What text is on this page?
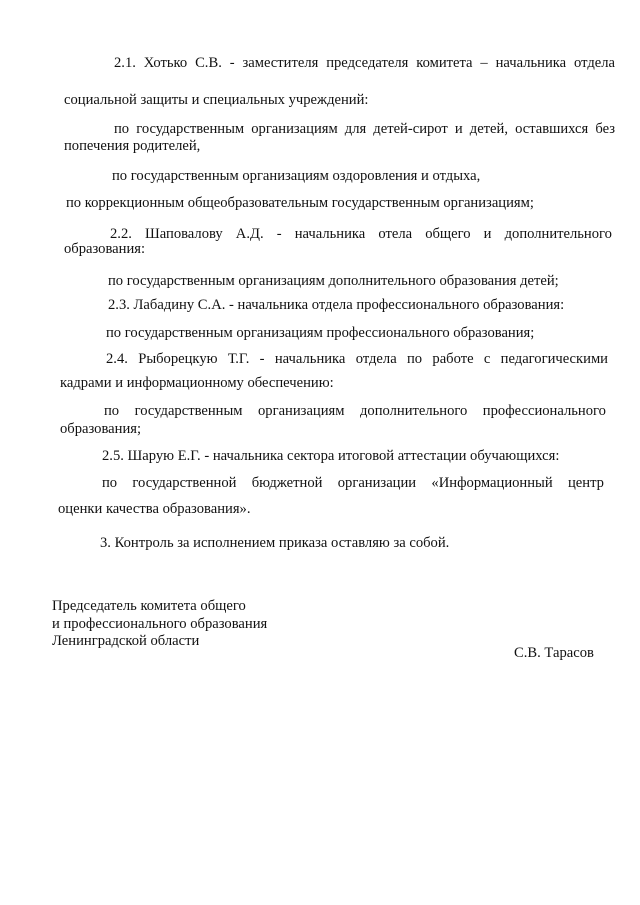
2.1. Хотько С.В. - заместителя председателя комитета – начальника отдела

социальной защиты и специальных учреждений:

по государственным организациям для детей-сирот и детей, оставшихся без

попечения родителей,

по государственным организациям оздоровления и отдыха,

по коррекционным общеобразовательным государственным организациям;

2.2. Шаповалову А.Д. - начальника отела общего и дополнительного

образования:

по государственным организациям дополнительного образования детей;

2.3. Лабадину С.А. - начальника отдела профессионального образования:

по государственным организациям профессионального образования;

2.4. Рыборецкую Т.Г. - начальника отдела по работе с педагогическими

кадрами и информационному обеспечению:

по государственным организациям дополнительного профессионального

образования;

2.5. Шарую Е.Г. - начальника сектора итоговой аттестации обучающихся:

по государственной бюджетной организации «Информационный центр

оценки качества образования».

3. Контроль за исполнением приказа оставляю за собой.

Председатель комитета общего

и профессионального образования

Ленинградской области

С.В. Тарасов
